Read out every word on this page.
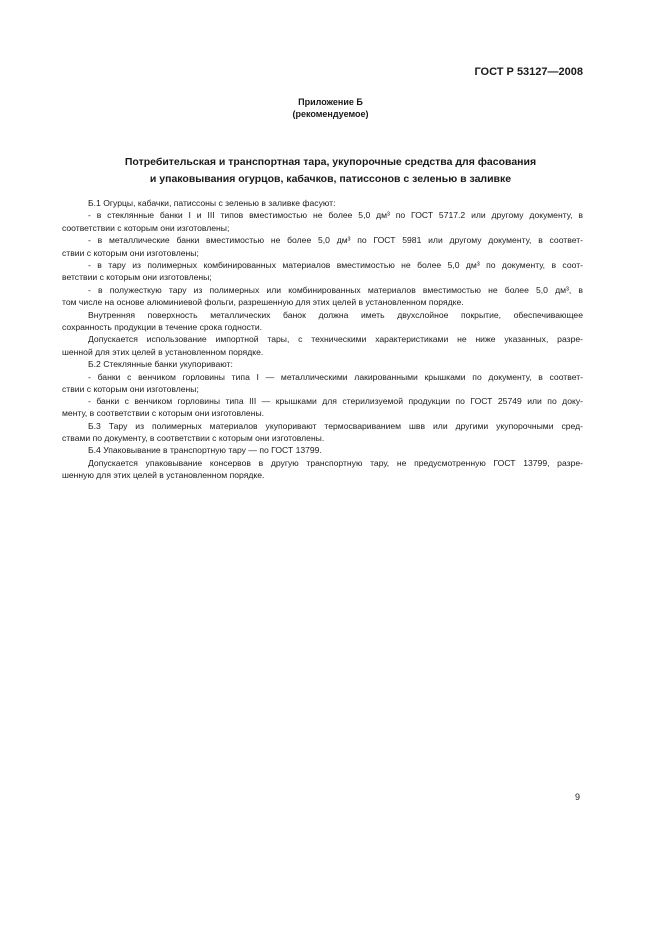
ГОСТ Р 53127—2008
Приложение Б
(рекомендуемое)
Потребительская и транспортная тара, укупорочные средства для фасования
и упаковывания огурцов, кабачков, патиссонов с зеленью в заливке
Б.1 Огурцы, кабачки, патиссоны с зеленью в заливке фасуют:
- в стеклянные банки I и III типов вместимостью не более 5,0 дм³ по ГОСТ 5717.2 или другому документу, в
соответствии с которым они изготовлены;
- в металлические банки вместимостью не более 5,0 дм³ по ГОСТ 5981 или другому документу, в соответ-
ствии с которым они изготовлены;
- в тару из полимерных комбинированных материалов вместимостью не более 5,0 дм³ по документу, в соот-
ветствии с которым они изготовлены;
- в полужесткую тару из полимерных или комбинированных материалов вместимостью не более 5,0 дм³, в
том числе на основе алюминиевой фольги, разрешенную для этих целей в установленном порядке.
Внутренняя поверхность металлических банок должна иметь двухслойное покрытие, обеспечивающее
сохранность продукции в течение срока годности.
Допускается использование импортной тары, с техническими характеристиками не ниже указанных, разре-
шенной для этих целей в установленном порядке.
Б.2 Стеклянные банки укупоривают:
- банки с венчиком горловины типа I — металлическими лакированными крышками по документу, в соответ-
ствии с которым они изготовлены;
- банки с венчиком горловины типа III — крышками для стерилизуемой продукции по ГОСТ 25749 или по доку-
менту, в соответствии с которым они изготовлены.
Б.3 Тару из полимерных материалов укупоривают термосвариванием швв или другими укупорочными сред-
ствами по документу, в соответствии с которым они изготовлены.
Б.4 Упаковывание в транспортную тару — по ГОСТ 13799.
Допускается упаковывание консервов в другую транспортную тару, не предусмотренную ГОСТ 13799, разре-
шенную для этих целей в установленном порядке.
9
